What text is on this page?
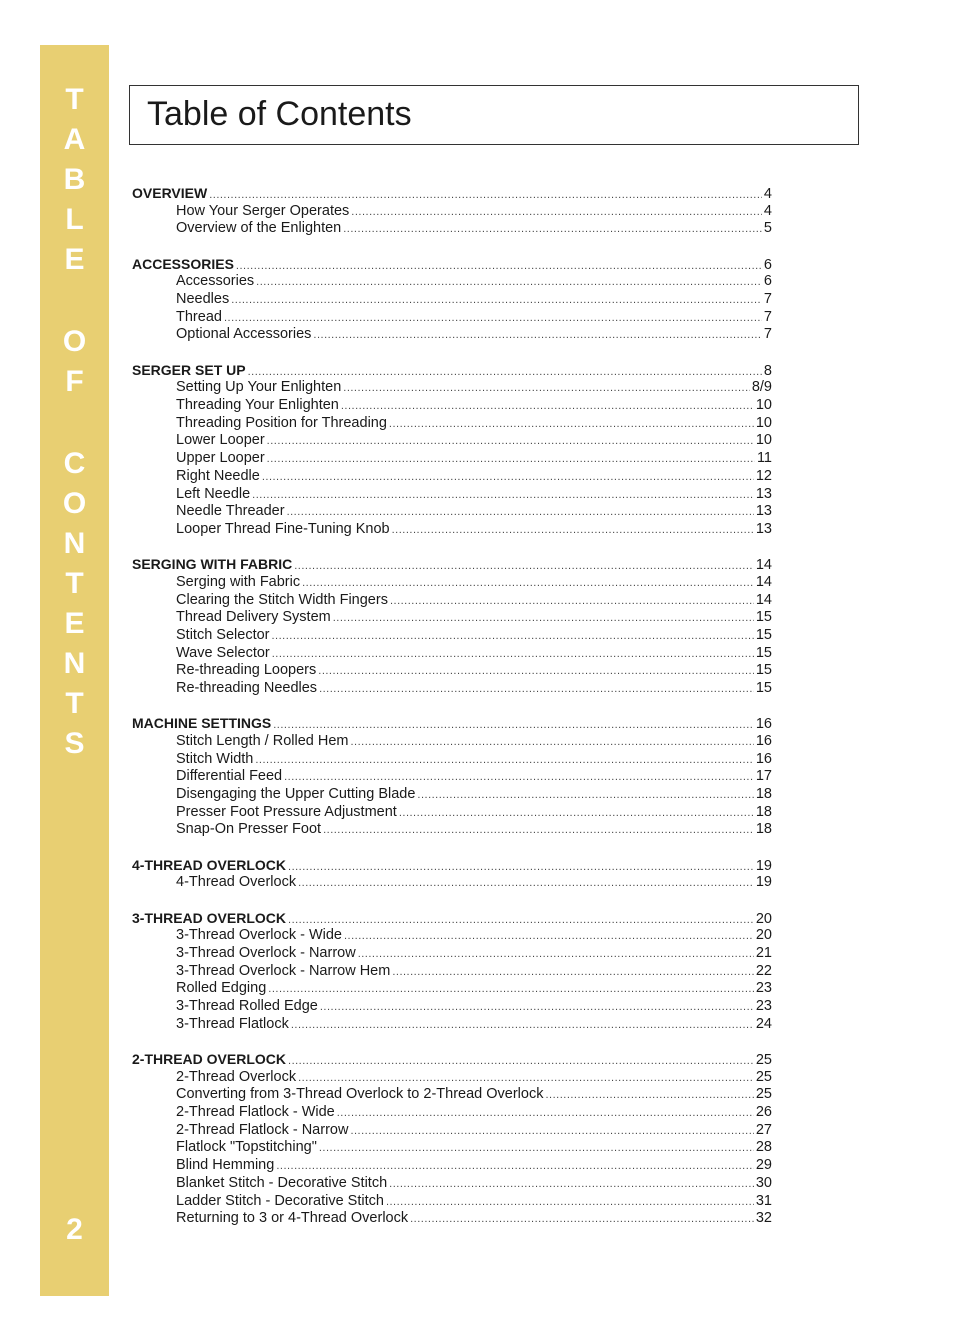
T
A
B
L
E
O
F
C
O
N
T
E
N
T
S
2
Table of Contents
OVERVIEW .....	4
How Your Serger Operates .....	4
Overview of the Enlighten .....	5
ACCESSORIES .....	6
Accessories .....	6
Needles .....	7
Thread .....	7
Optional Accessories .....	7
SERGER SET UP .....	8
Setting Up Your Enlighten .....	8/9
Threading Your Enlighten .....	10
Threading Position for Threading .....	10
Lower Looper .....	10
Upper Looper .....	11
Right Needle .....	12
Left Needle .....	13
Needle Threader .....	13
Looper Thread Fine-Tuning Knob .....	13
SERGING WITH FABRIC .....	14
Serging with Fabric .....	14
Clearing the Stitch Width Fingers .....	14
Thread Delivery System .....	15
Stitch Selector .....	15
Wave Selector .....	15
Re-threading Loopers .....	15
Re-threading Needles .....	15
MACHINE SETTINGS .....	16
Stitch Length / Rolled Hem .....	16
Stitch Width .....	16
Differential Feed .....	17
Disengaging the Upper Cutting Blade .....	18
Presser Foot Pressure Adjustment .....	18
Snap-On Presser Foot .....	18
4-THREAD OVERLOCK .....	19
4-Thread Overlock .....	19
3-THREAD OVERLOCK .....	20
3-Thread Overlock - Wide .....	20
3-Thread Overlock - Narrow .....	21
3-Thread Overlock - Narrow Hem .....	22
Rolled Edging .....	23
3-Thread Rolled Edge .....	23
3-Thread Flatlock .....	24
2-THREAD OVERLOCK .....	25
2-Thread Overlock .....	25
Converting from 3-Thread Overlock to 2-Thread Overlock .....	25
2-Thread Flatlock - Wide .....	26
2-Thread Flatlock - Narrow .....	27
Flatlock "Topstitching" .....	28
Blind Hemming .....	29
Blanket Stitch - Decorative Stitch .....	30
Ladder Stitch - Decorative Stitch .....	31
Returning to 3 or 4-Thread Overlock .....	32
